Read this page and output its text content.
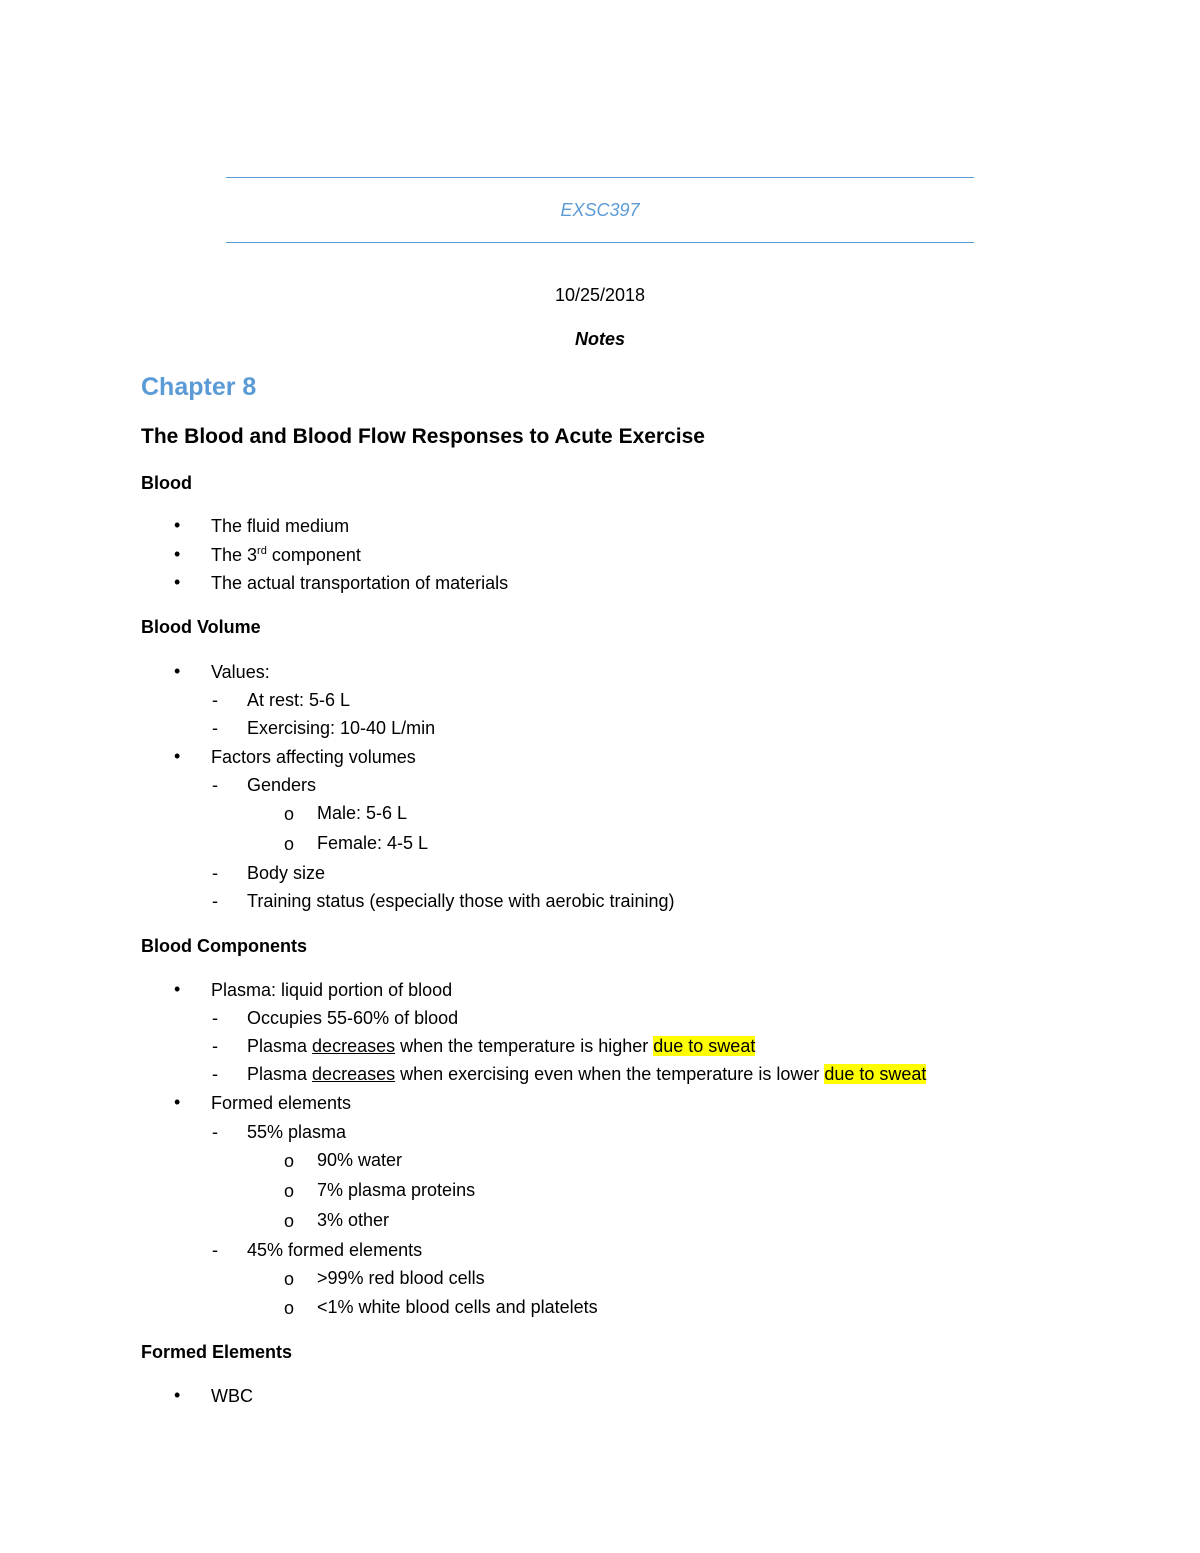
EXSC397
10/25/2018
Notes
Chapter 8
The Blood and Blood Flow Responses to Acute Exercise
Blood
• The fluid medium
• The 3rd component
• The actual transportation of materials
Blood Volume
• Values:
- At rest: 5-6 L
- Exercising: 10-40 L/min
• Factors affecting volumes
- Genders
o Male: 5-6 L
o Female: 4-5 L
- Body size
- Training status (especially those with aerobic training)
Blood Components
• Plasma: liquid portion of blood
- Occupies 55-60% of blood
- Plasma decreases when the temperature is higher due to sweat
- Plasma decreases when exercising even when the temperature is lower due to sweat
• Formed elements
- 55% plasma
o 90% water
o 7% plasma proteins
o 3% other
- 45% formed elements
o >99% red blood cells
o <1% white blood cells and platelets
Formed Elements
• WBC
